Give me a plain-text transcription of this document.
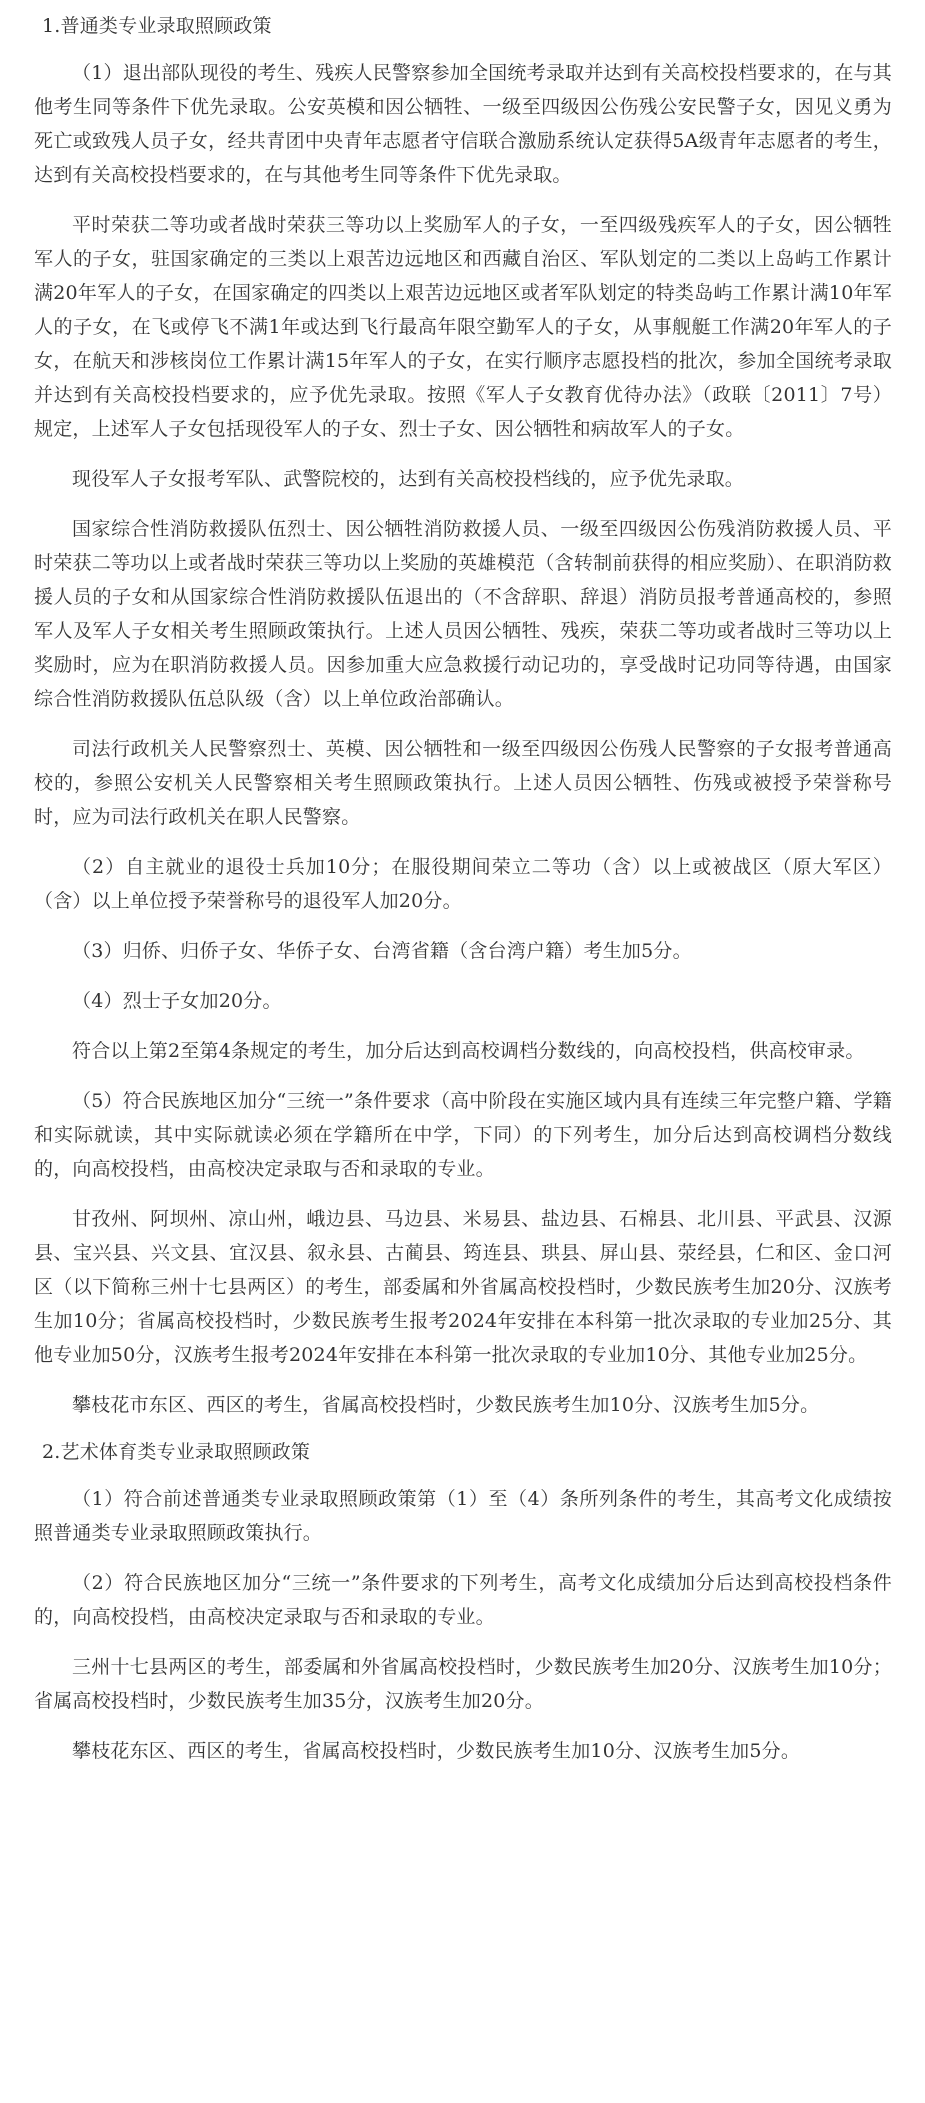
1.普通类专业录取照顾政策

（1）退出部队现役的考生、残疾人民警察参加全国统考录取并达到有关高校投档要求的，在与其他考生同等条件下优先录取。公安英模和因公牺牲、一级至四级因公伤残公安民警子女，因见义勇为死亡或致残人员子女，经共青团中央青年志愿者守信联合激励系统认定获得5A级青年志愿者的考生，达到有关高校投档要求的，在与其他考生同等条件下优先录取。

平时荣获二等功或者战时荣获三等功以上奖励军人的子女，一至四级残疾军人的子女，因公牺牲军人的子女，驻国家确定的三类以上艰苦边远地区和西藏自治区、军队划定的二类以上岛屿工作累计满20年军人的子女，在国家确定的四类以上艰苦边远地区或者军队划定的特类岛屿工作累计满10年军人的子女，在飞或停飞不满1年或达到飞行最高年限空勤军人的子女，从事舰艇工作满20年军人的子女，在航天和涉核岗位工作累计满15年军人的子女，在实行顺序志愿投档的批次，参加全国统考录取并达到有关高校投档要求的，应予优先录取。按照《军人子女教育优待办法》（政联〔2011〕7号）规定，上述军人子女包括现役军人的子女、烈士子女、因公牺牲和病故军人的子女。

现役军人子女报考军队、武警院校的，达到有关高校投档线的，应予优先录取。

国家综合性消防救援队伍烈士、因公牺牲消防救援人员、一级至四级因公伤残消防救援人员、平时荣获二等功以上或者战时荣获三等功以上奖励的英雄模范（含转制前获得的相应奖励）、在职消防救援人员的子女和从国家综合性消防救援队伍退出的（不含辞职、辞退）消防员报考普通高校的，参照军人及军人子女相关考生照顾政策执行。上述人员因公牺牲、残疾，荣获二等功或者战时三等功以上奖励时，应为在职消防救援人员。因参加重大应急救援行动记功的，享受战时记功同等待遇，由国家综合性消防救援队伍总队级（含）以上单位政治部确认。

司法行政机关人民警察烈士、英模、因公牺牲和一级至四级因公伤残人民警察的子女报考普通高校的，参照公安机关人民警察相关考生照顾政策执行。上述人员因公牺牲、伤残或被授予荣誉称号时，应为司法行政机关在职人民警察。

（2）自主就业的退役士兵加10分；在服役期间荣立二等功（含）以上或被战区（原大军区）（含）以上单位授予荣誉称号的退役军人加20分。

（3）归侨、归侨子女、华侨子女、台湾省籍（含台湾户籍）考生加5分。

（4）烈士子女加20分。

符合以上第2至第4条规定的考生，加分后达到高校调档分数线的，向高校投档，供高校审录。

（5）符合民族地区加分“三统一”条件要求（高中阶段在实施区域内具有连续三年完整户籍、学籍和实际就读，其中实际就读必须在学籍所在中学，下同）的下列考生，加分后达到高校调档分数线的，向高校投档，由高校决定录取与否和录取的专业。

甘孜州、阿坝州、凉山州，峨边县、马边县、米易县、盐边县、石棉县、北川县、平武县、汉源县、宝兴县、兴文县、宜汉县、叙永县、古蔺县、筠连县、珙县、屏山县、荥经县，仁和区、金口河区（以下简称三州十七县两区）的考生，部委属和外省属高校投档时，少数民族考生加20分、汉族考生加10分；省属高校投档时，少数民族考生报考2024年安排在本科第一批次录取的专业加25分、其他专业加50分，汉族考生报考2024年安排在本科第一批次录取的专业加10分、其他专业加25分。

攀枝花市东区、西区的考生，省属高校投档时，少数民族考生加10分、汉族考生加5分。

2.艺术体育类专业录取照顾政策

（1）符合前述普通类专业录取照顾政策第（1）至（4）条所列条件的考生，其高考文化成绩按照普通类专业录取照顾政策执行。

（2）符合民族地区加分“三统一”条件要求的下列考生，高考文化成绩加分后达到高校投档条件的，向高校投档，由高校决定录取与否和录取的专业。

三州十七县两区的考生，部委属和外省属高校投档时，少数民族考生加20分、汉族考生加10分；省属高校投档时，少数民族考生加35分，汉族考生加20分。

攀枝花东区、西区的考生，省属高校投档时，少数民族考生加10分、汉族考生加5分。
